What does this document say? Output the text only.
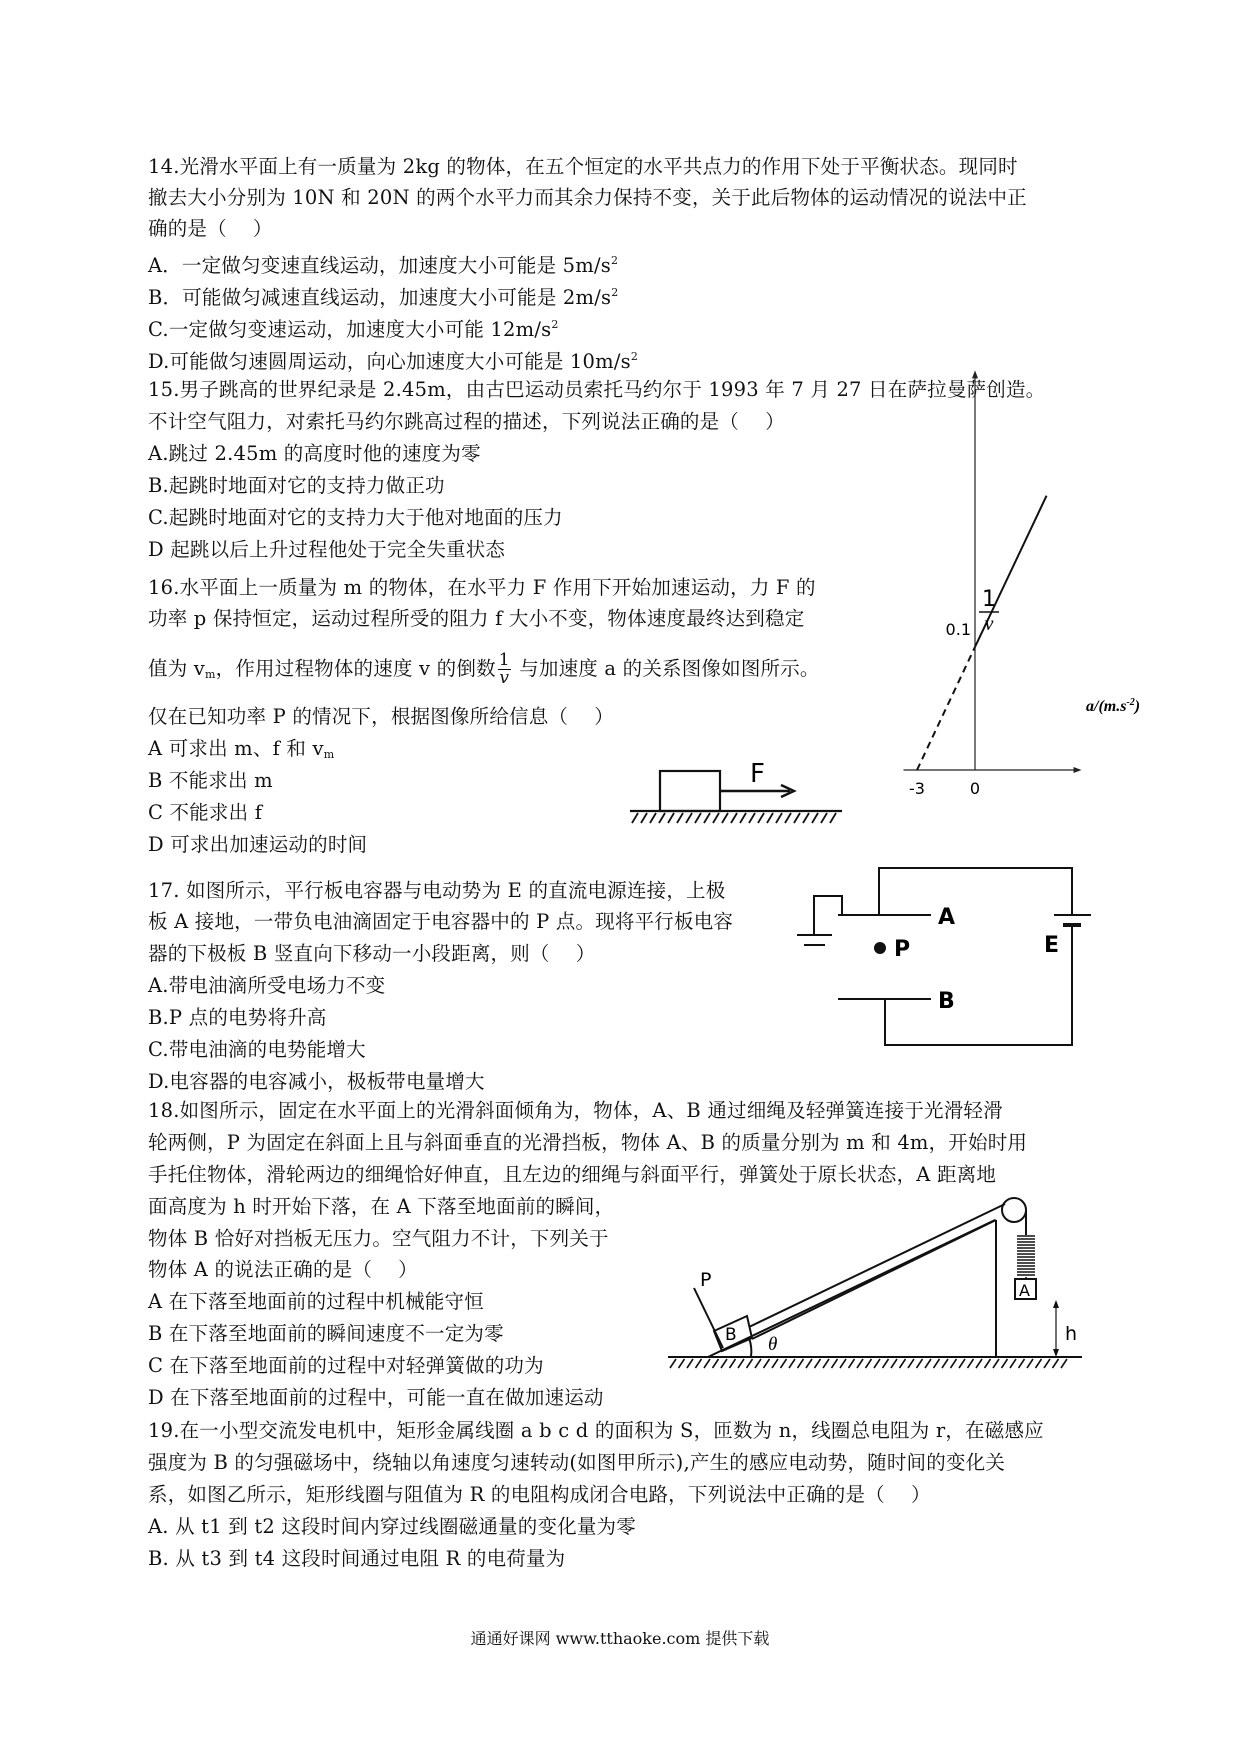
14.光滑水平面上有一质量为 2kg 的物体，在五个恒定的水平共点力的作用下处于平衡状态。现同时
撤去大小分别为 10N 和 20N 的两个水平力而其余力保持不变，关于此后物体的运动情况的说法中正
确的是（　 ）
A．一定做匀变速直线运动，加速度大小可能是 $5m/s^2$
B．可能做匀减速直线运动，加速度大小可能是 $2m/s^2$
C.一定做匀变速运动，加速度大小可能 $12m/s^2$
D.可能做匀速圆周运动，向心加速度大小可能是 $10m/s^2$
15.男子跳高的世界纪录是 2.45m，由古巴运动员索托马约尔于 1993 年 7 月 27 日在萨拉曼萨创造。
不计空气阻力，对索托马约尔跳高过程的描述，下列说法正确的是（　 ）
A.跳过 2.45m 的高度时他的速度为零
B.起跳时地面对它的支持力做正功
C.起跳时地面对它的支持力大于他对地面的压力
D 起跳以后上升过程他处于完全失重状态
16.水平面上一质量为 m 的物体，在水平力 F 作用下开始加速运动，力 F 的
功率 p 保持恒定，运动过程所受的阻力 f 大小不变，物体速度最终达到稳定
值为 $v_m$，作用过程物体的速度 v 的倒数 $\frac{1}{v}$ 与加速度 a 的关系图像如图所示。
仅在已知功率 P 的情况下，根据图像所给信息（　 ）
A 可求出 m、f 和 $v_m$
B 不能求出 m
C 不能求出 f
D 可求出加速运动的时间
F
1
v
0.1
-3	0
$a/(m.s^{-2})$
17. 如图所示，平行板电容器与电动势为 E 的直流电源连接，上极
板 A 接地，一带负电油滴固定于电容器中的 P 点。现将平行板电容
器的下极板 B 竖直向下移动一小段距离，则（　 ）
A.带电油滴所受电场力不变
B.P 点的电势将升高
C.带电油滴的电势能增大
D.电容器的电容减小，极板带电量增大
P
A
B
E
18.如图所示，固定在水平面上的光滑斜面倾角为，物体，A、B 通过细绳及轻弹簧连接于光滑轻滑
轮两侧，P 为固定在斜面上且与斜面垂直的光滑挡板，物体 A、B 的质量分别为 m 和 4m，开始时用
手托住物体，滑轮两边的细绳恰好伸直，且左边的细绳与斜面平行，弹簧处于原长状态，A 距离地
面高度为 h 时开始下落，在 A 下落至地面前的瞬间，
物体 B 恰好对挡板无压力。空气阻力不计，下列关于
物体 A 的说法正确的是（　 ）
A 在下落至地面前的过程中机械能守恒
B 在下落至地面前的瞬间速度不一定为零
C 在下落至地面前的过程中对轻弹簧做的功为
D 在下落至地面前的过程中，可能一直在做加速运动
P
B
A
θ	h
19.在一小型交流发电机中，矩形金属线圈 a b c d 的面积为 S，匝数为 n，线圈总电阻为 r，在磁感应
强度为 B 的匀强磁场中，绕轴以角速度匀速转动(如图甲所示),产生的感应电动势，随时间的变化关
系，如图乙所示，矩形线圈与阻值为 R 的电阻构成闭合电路，下列说法中正确的是（　 ）
A. 从 t1 到 t2 这段时间内穿过线圈磁通量的变化量为零
B. 从 t3 到 t4 这段时间通过电阻 R 的电荷量为
通通好课网 www.tthaoke.com 提供下载
